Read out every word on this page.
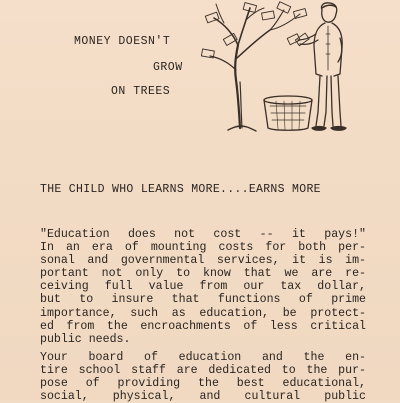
MONEY DOESN'T
GROW
ON TREES
THE CHILD WHO LEARNS MORE....EARNS MORE
"Education does not cost -- it pays!"
In an era of mounting costs for both per-
sonal and governmental services, it is im-
portant not only to know that we are re-
ceiving full value from our tax dollar,
but to insure that functions of prime
importance, such as education, be protect-
ed from the encroachments of less critical
public needs.
Your board of education and the en-
tire school staff are dedicated to the pur-
pose of providing the best educational,
social, physical, and cultural public
